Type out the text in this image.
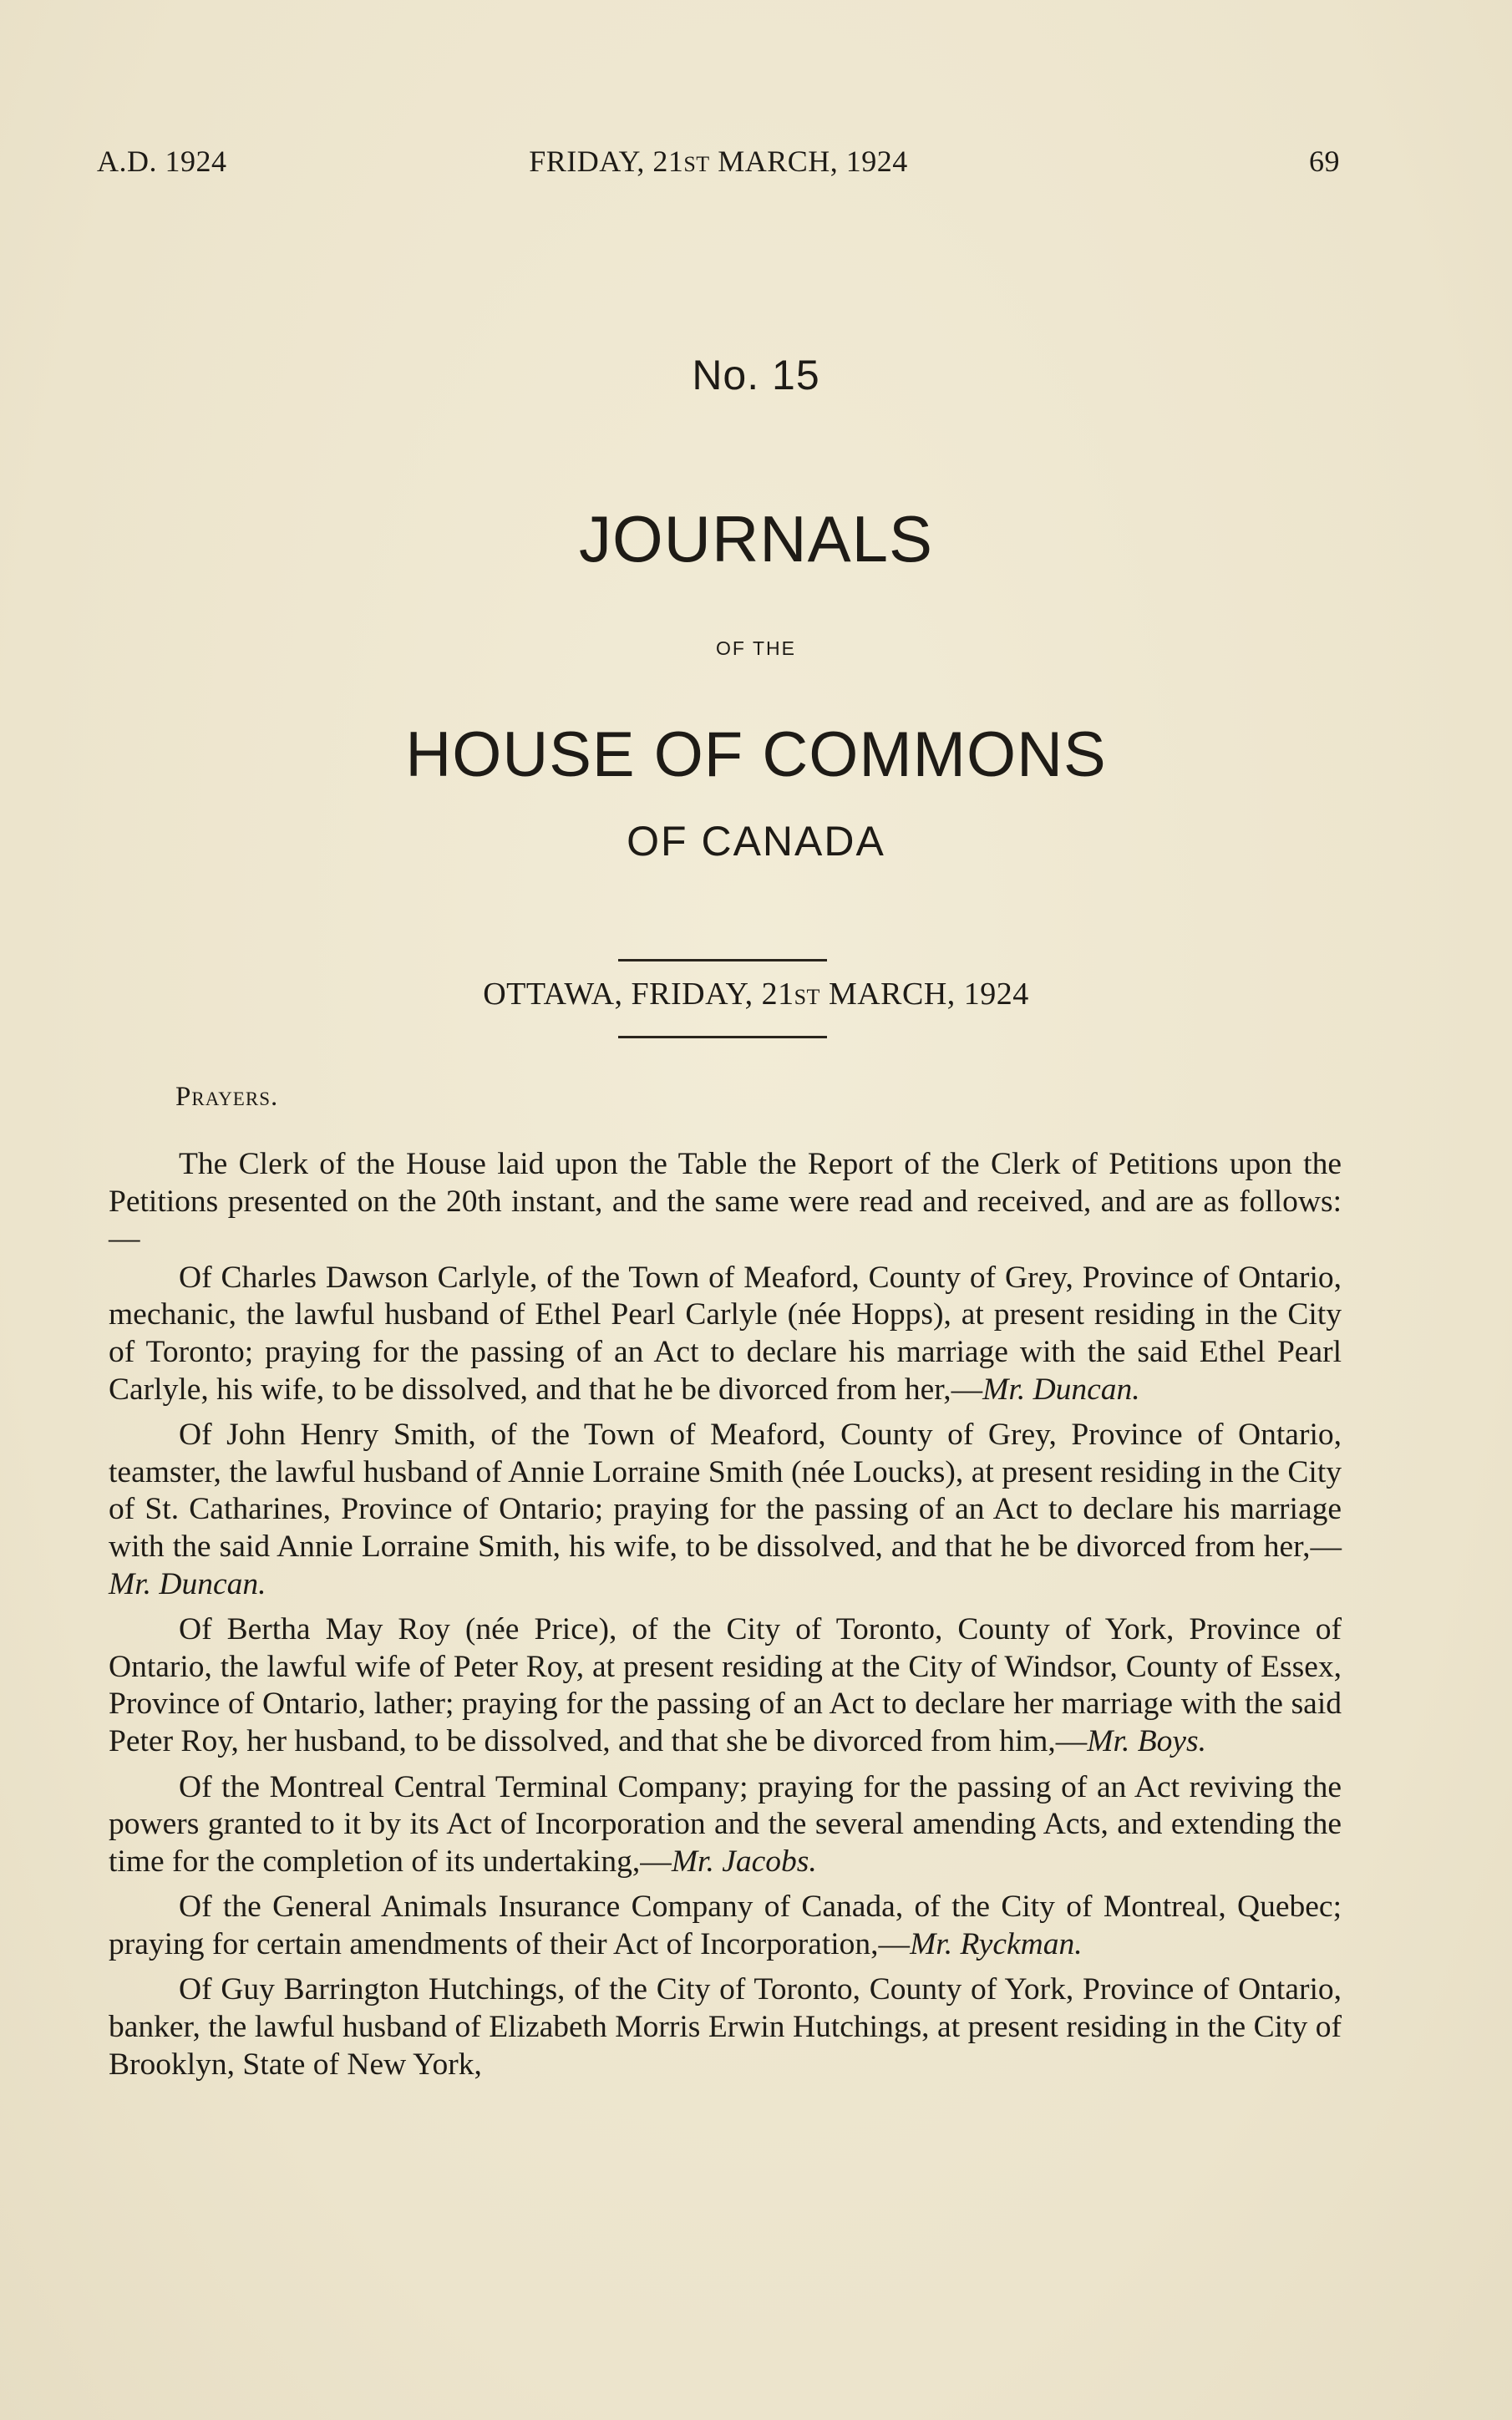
A.D. 1924	FRIDAY, 21ST MARCH, 1924	69
No. 15
JOURNALS
OF THE
HOUSE OF COMMONS
OF CANADA
OTTAWA, FRIDAY, 21ST MARCH, 1924
Prayers.

The Clerk of the House laid upon the Table the Report of the Clerk of Petitions upon the Petitions presented on the 20th instant, and the same were read and received, and are as follows:—

Of Charles Dawson Carlyle, of the Town of Meaford, County of Grey, Province of Ontario, mechanic, the lawful husband of Ethel Pearl Carlyle (née Hopps), at present residing in the City of Toronto; praying for the passing of an Act to declare his marriage with the said Ethel Pearl Carlyle, his wife, to be dissolved, and that he be divorced from her,—Mr. Duncan.

Of John Henry Smith, of the Town of Meaford, County of Grey, Province of Ontario, teamster, the lawful husband of Annie Lorraine Smith (née Loucks), at present residing in the City of St. Catharines, Province of Ontario; praying for the passing of an Act to declare his marriage with the said Annie Lorraine Smith, his wife, to be dissolved, and that he be divorced from her,—Mr. Duncan.

Of Bertha May Roy (née Price), of the City of Toronto, County of York, Province of Ontario, the lawful wife of Peter Roy, at present residing at the City of Windsor, County of Essex, Province of Ontario, lather; praying for the passing of an Act to declare her marriage with the said Peter Roy, her husband, to be dissolved, and that she be divorced from him,—Mr. Boys.

Of the Montreal Central Terminal Company; praying for the passing of an Act reviving the powers granted to it by its Act of Incorporation and the several amending Acts, and extending the time for the completion of its undertaking,—Mr. Jacobs.

Of the General Animals Insurance Company of Canada, of the City of Montreal, Quebec; praying for certain amendments of their Act of Incorporation,—Mr. Ryckman.

Of Guy Barrington Hutchings, of the City of Toronto, County of York, Province of Ontario, banker, the lawful husband of Elizabeth Morris Erwin Hutchings, at present residing in the City of Brooklyn, State of New York,
